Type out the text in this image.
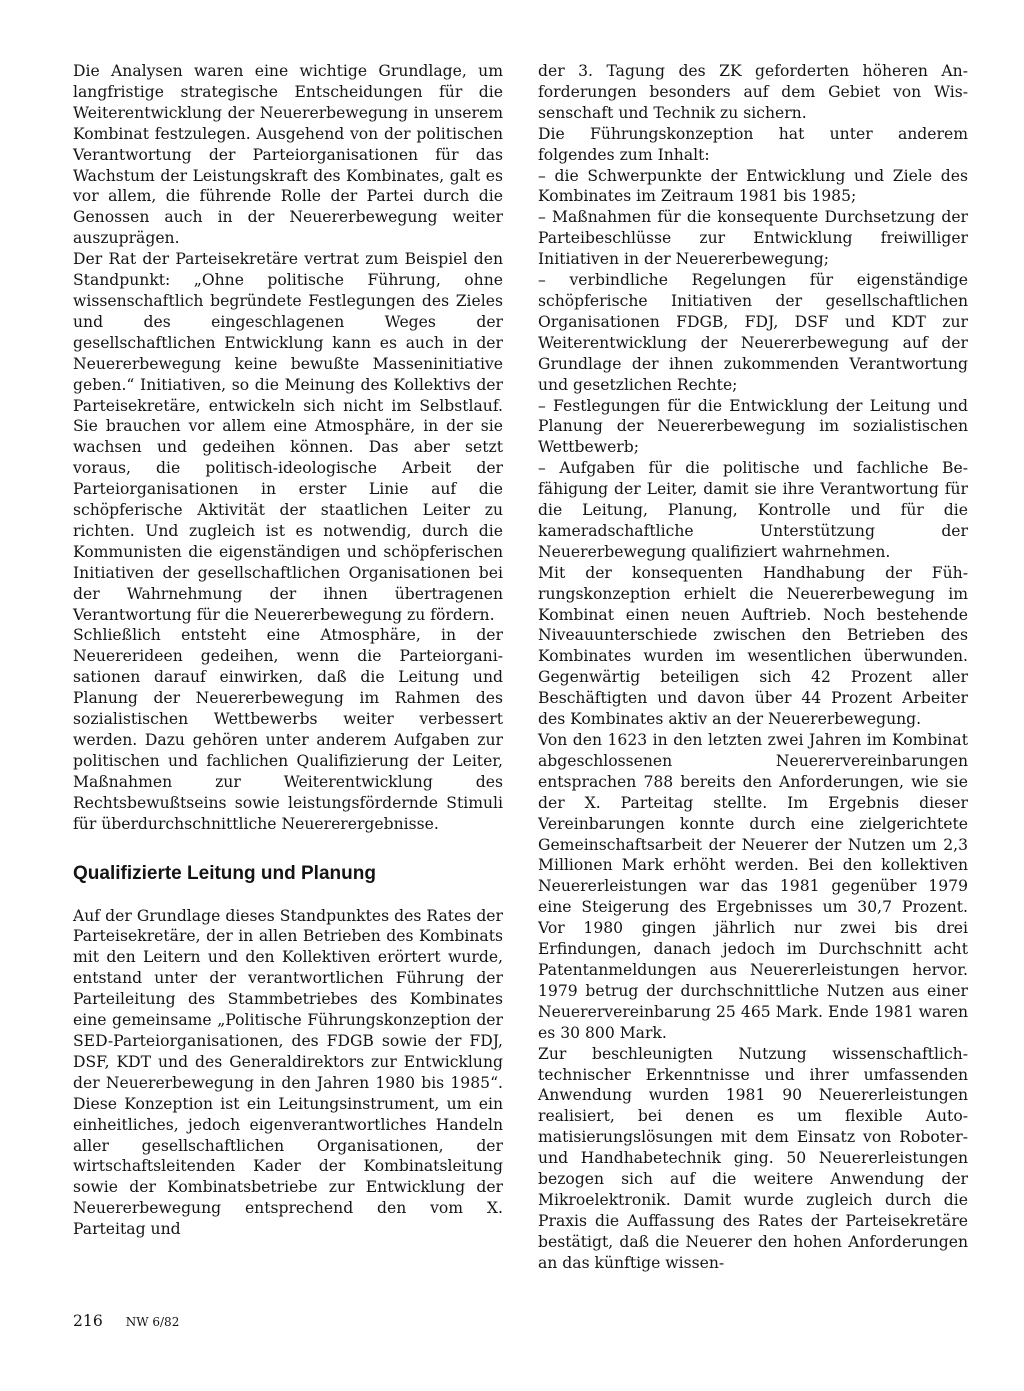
Die Analysen waren eine wichtige Grundlage, um langfristige strategische Entscheidungen für die Weiterentwicklung der Neuererbewegung in unserem Kombinat festzulegen. Ausgehend von der politischen Verantwortung der Parteiorganisationen für das Wachstum der Leistungskraft des Kombinates, galt es vor allem, die führende Rolle der Partei durch die Genossen auch in der Neuererbewegung weiter auszuprägen.

Der Rat der Parteisekretäre vertrat zum Beispiel den Standpunkt: „Ohne politische Führung, ohne wissenschaftlich begründete Festlegungen des Zieles und des eingeschlagenen Weges der gesellschaftlichen Entwicklung kann es auch in der Neuererbewegung keine bewußte Masseninitiative geben.“ Initiativen, so die Meinung des Kollektivs der Parteisekretäre, entwickeln sich nicht im Selbstlauf. Sie brauchen vor allem eine Atmosphäre, in der sie wachsen und gedeihen können. Das aber setzt voraus, die politisch-ideologische Arbeit der Parteiorganisationen in erster Linie auf die schöpferische Aktivität der staatlichen Leiter zu richten. Und zugleich ist es notwendig, durch die Kommunisten die eigenständigen und schöpferischen Initiativen der gesellschaftlichen Organisationen bei der Wahrnehmung der ihnen übertragenen Verantwortung für die Neuererbewegung zu fördern.

Schließlich entsteht eine Atmosphäre, in der Neuererideen gedeihen, wenn die Parteiorganisationen darauf einwirken, daß die Leitung und Planung der Neuererbewegung im Rahmen des sozialistischen Wettbewerbs weiter verbessert werden. Dazu gehören unter anderem Aufgaben zur politischen und fachlichen Qualifizierung der Leiter, Maßnahmen zur Weiterentwicklung des Rechtsbewußtseins sowie leistungsfördernde Stimuli für überdurchschnittliche Neuererergebnisse.

Qualifizierte Leitung und Planung

Auf der Grundlage dieses Standpunktes des Rates der Parteisekretäre, der in allen Betrieben des Kombinats mit den Leitern und den Kollektiven erörtert wurde, entstand unter der verantwortlichen Führung der Parteileitung des Stammbetriebes des Kombinates eine gemeinsame „Politische Führungskonzeption der SED-Parteiorganisationen, des FDGB sowie der FDJ, DSF, KDT und des Generaldirektors zur Entwicklung der Neuererbewegung in den Jahren 1980 bis 1985“. Diese Konzeption ist ein Leitungsinstrument, um ein einheitliches, jedoch eigenverantwortliches Handeln aller gesellschaftlichen Organisationen, der wirtschaftsleitenden Kader der Kombinatsleitung sowie der Kombinatsbetriebe zur Entwicklung der Neuererbewegung entsprechend den vom X. Parteitag und

der 3. Tagung des ZK geforderten höheren Anforderungen besonders auf dem Gebiet von Wissenschaft und Technik zu sichern.

Die Führungskonzeption hat unter anderem folgendes zum Inhalt:

– die Schwerpunkte der Entwicklung und Ziele des Kombinates im Zeitraum 1981 bis 1985;

– Maßnahmen für die konsequente Durchsetzung der Parteibeschlüsse zur Entwicklung freiwilliger Initiativen in der Neuererbewegung;

– verbindliche Regelungen für eigenständige schöpferische Initiativen der gesellschaftlichen Organisationen FDGB, FDJ, DSF und KDT zur Weiterentwicklung der Neuererbewegung auf der Grundlage der ihnen zukommenden Verantwortung und gesetzlichen Rechte;

– Festlegungen für die Entwicklung der Leitung und Planung der Neuererbewegung im sozialistischen Wettbewerb;

– Aufgaben für die politische und fachliche Befähigung der Leiter, damit sie ihre Verantwortung für die Leitung, Planung, Kontrolle und für die kameradschaftliche Unterstützung der Neuererbewegung qualifiziert wahrnehmen.

Mit der konsequenten Handhabung der Führungskonzeption erhielt die Neuererbewegung im Kombinat einen neuen Auftrieb. Noch bestehende Niveauunterschiede zwischen den Betrieben des Kombinates wurden im wesentlichen überwunden. Gegenwärtig beteiligen sich 42 Prozent aller Beschäftigten und davon über 44 Prozent Arbeiter des Kombinates aktiv an der Neuererbewegung.

Von den 1623 in den letzten zwei Jahren im Kombinat abgeschlossenen Neuerervereinbarungen entsprachen 788 bereits den Anforderungen, wie sie der X. Parteitag stellte. Im Ergebnis dieser Vereinbarungen konnte durch eine zielgerichtete Gemeinschaftsarbeit der Neuerer der Nutzen um 2,3 Millionen Mark erhöht werden. Bei den kollektiven Neuererleistungen war das 1981 gegenüber 1979 eine Steigerung des Ergebnisses um 30,7 Prozent. Vor 1980 gingen jährlich nur zwei bis drei Erfindungen, danach jedoch im Durchschnitt acht Patentanmeldungen aus Neuererleistungen hervor. 1979 betrug der durchschnittliche Nutzen aus einer Neuerervereinbarung 25 465 Mark. Ende 1981 waren es 30 800 Mark.

Zur beschleunigten Nutzung wissenschaftlich-technischer Erkenntnisse und ihrer umfassenden Anwendung wurden 1981 90 Neuererleistungen realisiert, bei denen es um flexible Automatisierungslösungen mit dem Einsatz von Roboter- und Handhabetechnik ging. 50 Neuererleistungen bezogen sich auf die weitere Anwendung der Mikroelektronik. Damit wurde zugleich durch die Praxis die Auffassung des Rates der Parteisekretäre bestätigt, daß die Neuerer den hohen Anforderungen an das künftige wissen-

216 NW 6/82
